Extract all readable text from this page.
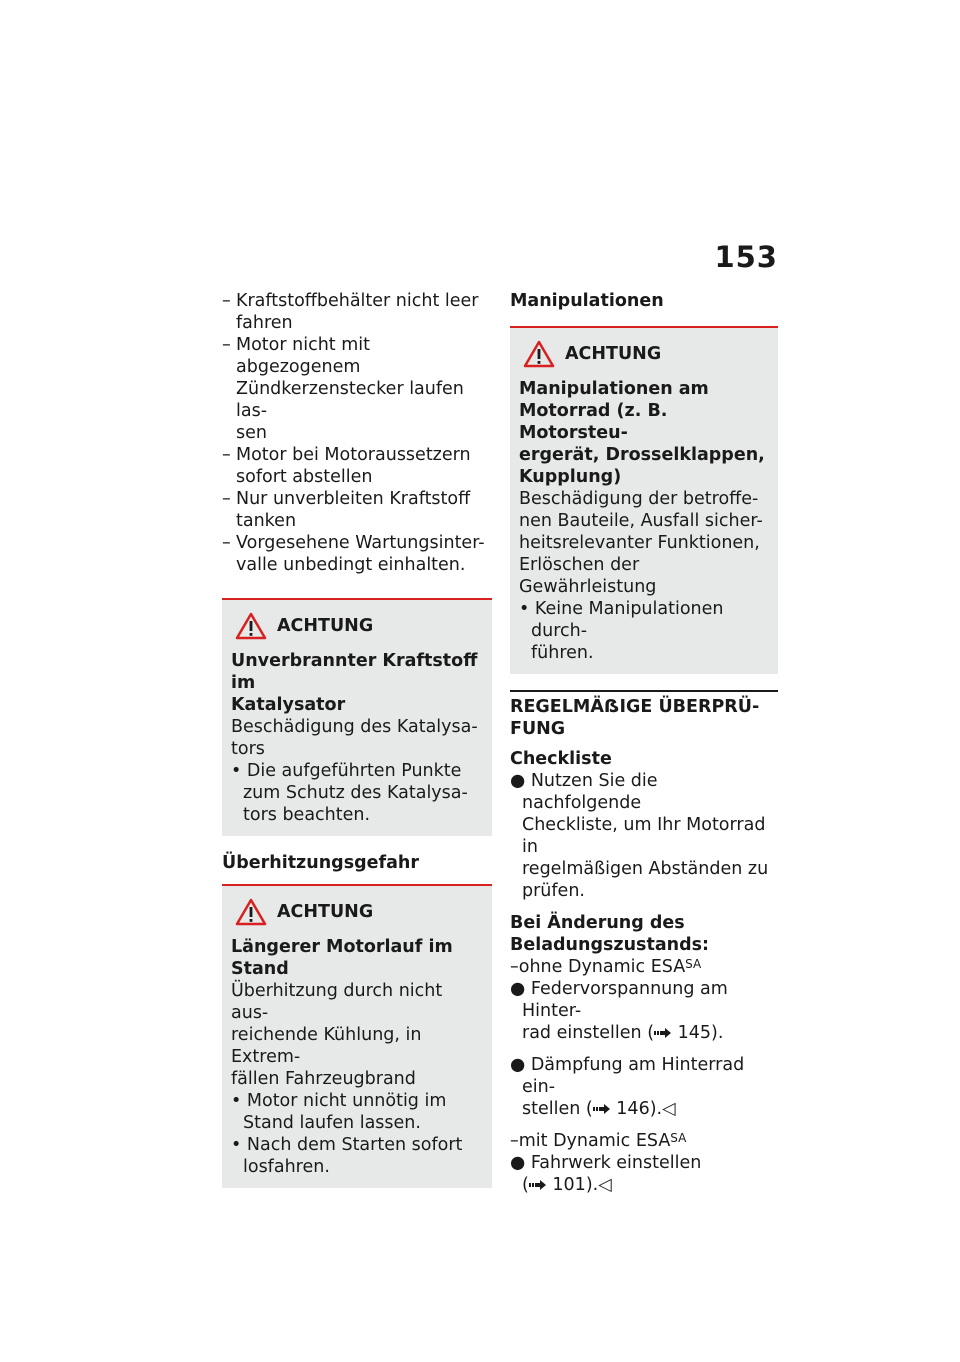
153
– Kraftstoffbehälter nicht leer
fahren
– Motor nicht mit abgezogenem
Zündkerzenstecker laufen las-
sen
– Motor bei Motoraussetzern
sofort abstellen
– Nur unverbleiten Kraftstoff
tanken
– Vorgesehene Wartungsinter-
valle unbedingt einhalten.
ACHTUNG
Unverbrannter Kraftstoff im
Katalysator
Beschädigung des Katalysa-
tors
• Die aufgeführten Punkte
zum Schutz des Katalysa-
tors beachten.
Überhitzungsgefahr
ACHTUNG
Längerer Motorlauf im Stand
Überhitzung durch nicht aus-
reichende Kühlung, in Extrem-
fällen Fahrzeugbrand
• Motor nicht unnötig im
Stand laufen lassen.
• Nach dem Starten sofort
losfahren.
Manipulationen
ACHTUNG
Manipulationen am
Motorrad (z. B. Motorsteu-
ergerät, Drosselklappen,
Kupplung)
Beschädigung der betroffe-
nen Bauteile, Ausfall sicher-
heitsrelevanter Funktionen,
Erlöschen der Gewährleistung
• Keine Manipulationen durch-
führen.
REGELMÄẞIGE ÜBERPRÜ-
FUNG
Checkliste
● Nutzen Sie die nachfolgende
Checkliste, um Ihr Motorrad in
regelmäßigen Abständen zu
prüfen.
Bei Änderung des
Beladungszustands:
–ohne Dynamic $ESA^{SA}$
● Federvorspannung am Hinter-
rad einstellen ( 145).
● Dämpfung am Hinterrad ein-
stellen ( 146).◁
–mit Dynamic $ESA^{SA}$
● Fahrwerk einstellen
( 101).◁
